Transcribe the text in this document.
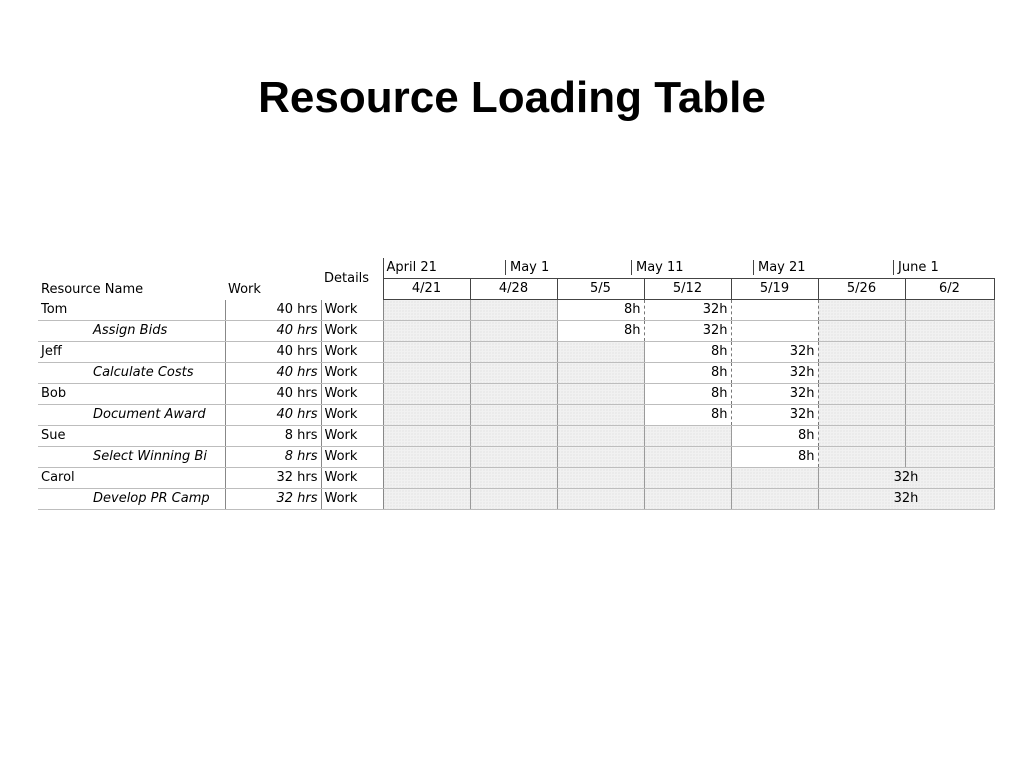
Resource Loading Table
Resource Name	Work	Details	April 21	May 1		May 11	May 21		June 1
			4/21	4/28	5/5	5/12	5/19	5/26	6/2
Tom	40 hrs	Work			8h	32h			
Assign Bids	40 hrs	Work			8h	32h			
Jeff	40 hrs	Work				8h	32h		
Calculate Costs	40 hrs	Work				8h	32h		
Bob	40 hrs	Work				8h	32h		
Document Award	40 hrs	Work				8h	32h		
Sue	8 hrs	Work					8h		
Select Winning Bi	8 hrs	Work					8h		
Carol	32 hrs	Work						32h	
Develop PR Camp	32 hrs	Work						32h	
